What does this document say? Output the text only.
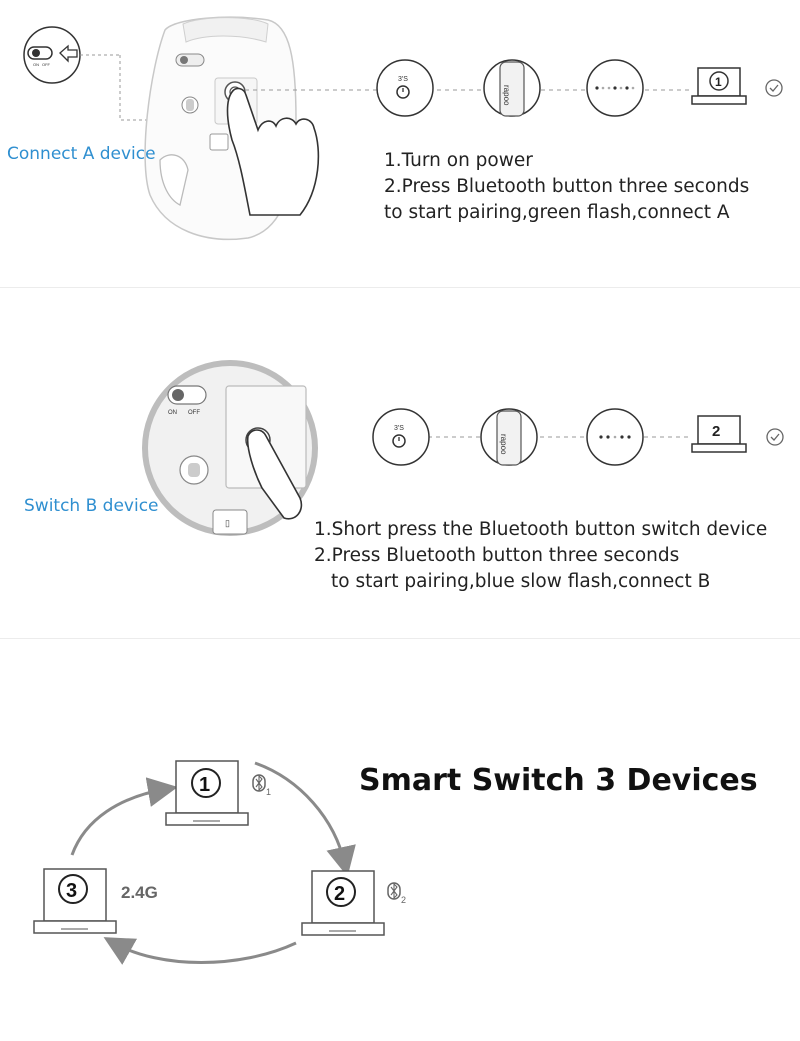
ON OFF
3'S
rapoo
1
Connect A device	1.Turn on power
2.Press Bluetooth button three seconds
to start pairing,green flash,connect A
ON OFF
▯
3'S
rapoo
2
Switch B device
1.Short press the Bluetooth button switch device
2.Press Bluetooth button three seconds
to start pairing,blue slow flash,connect B
1	1
2	2
3	2.4G
Smart Switch 3 Devices
